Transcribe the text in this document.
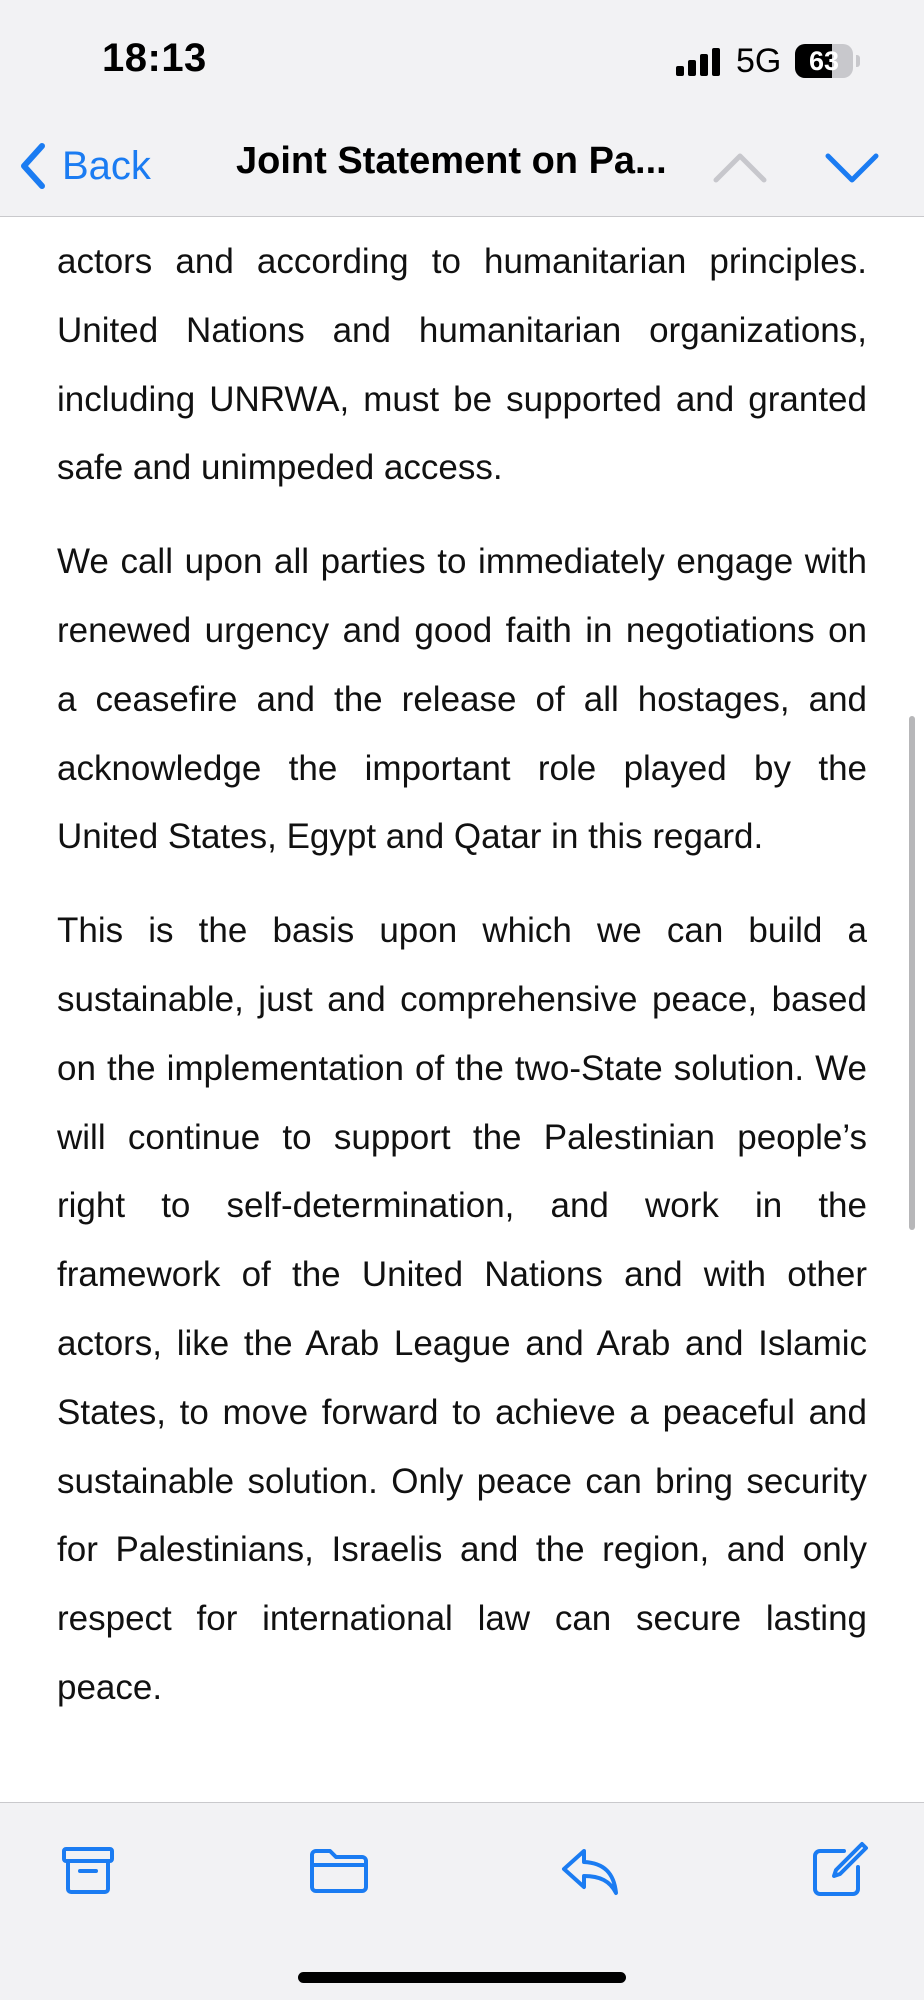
18:13	5G	63
Back Joint Statement on Pa...

actors and according to humanitarian principles. United Nations and humanitarian organizations, including UNRWA, must be supported and granted safe and unimpeded access.

We call upon all parties to immediately engage with renewed urgency and good faith in negotiations on a ceasefire and the release of all hostages, and acknowledge the important role played by the United States, Egypt and Qatar in this regard.

This is the basis upon which we can build a sustainable, just and comprehensive peace, based on the implementation of the two-State solution. We will continue to support the Palestinian people’s right to self-determination, and work in the framework of the United Nations and with other actors, like the Arab League and Arab and Islamic States, to move forward to achieve a peaceful and sustainable solution. Only peace can bring security for Palestinians, Israelis and the region, and only respect for international law can secure lasting peace.
